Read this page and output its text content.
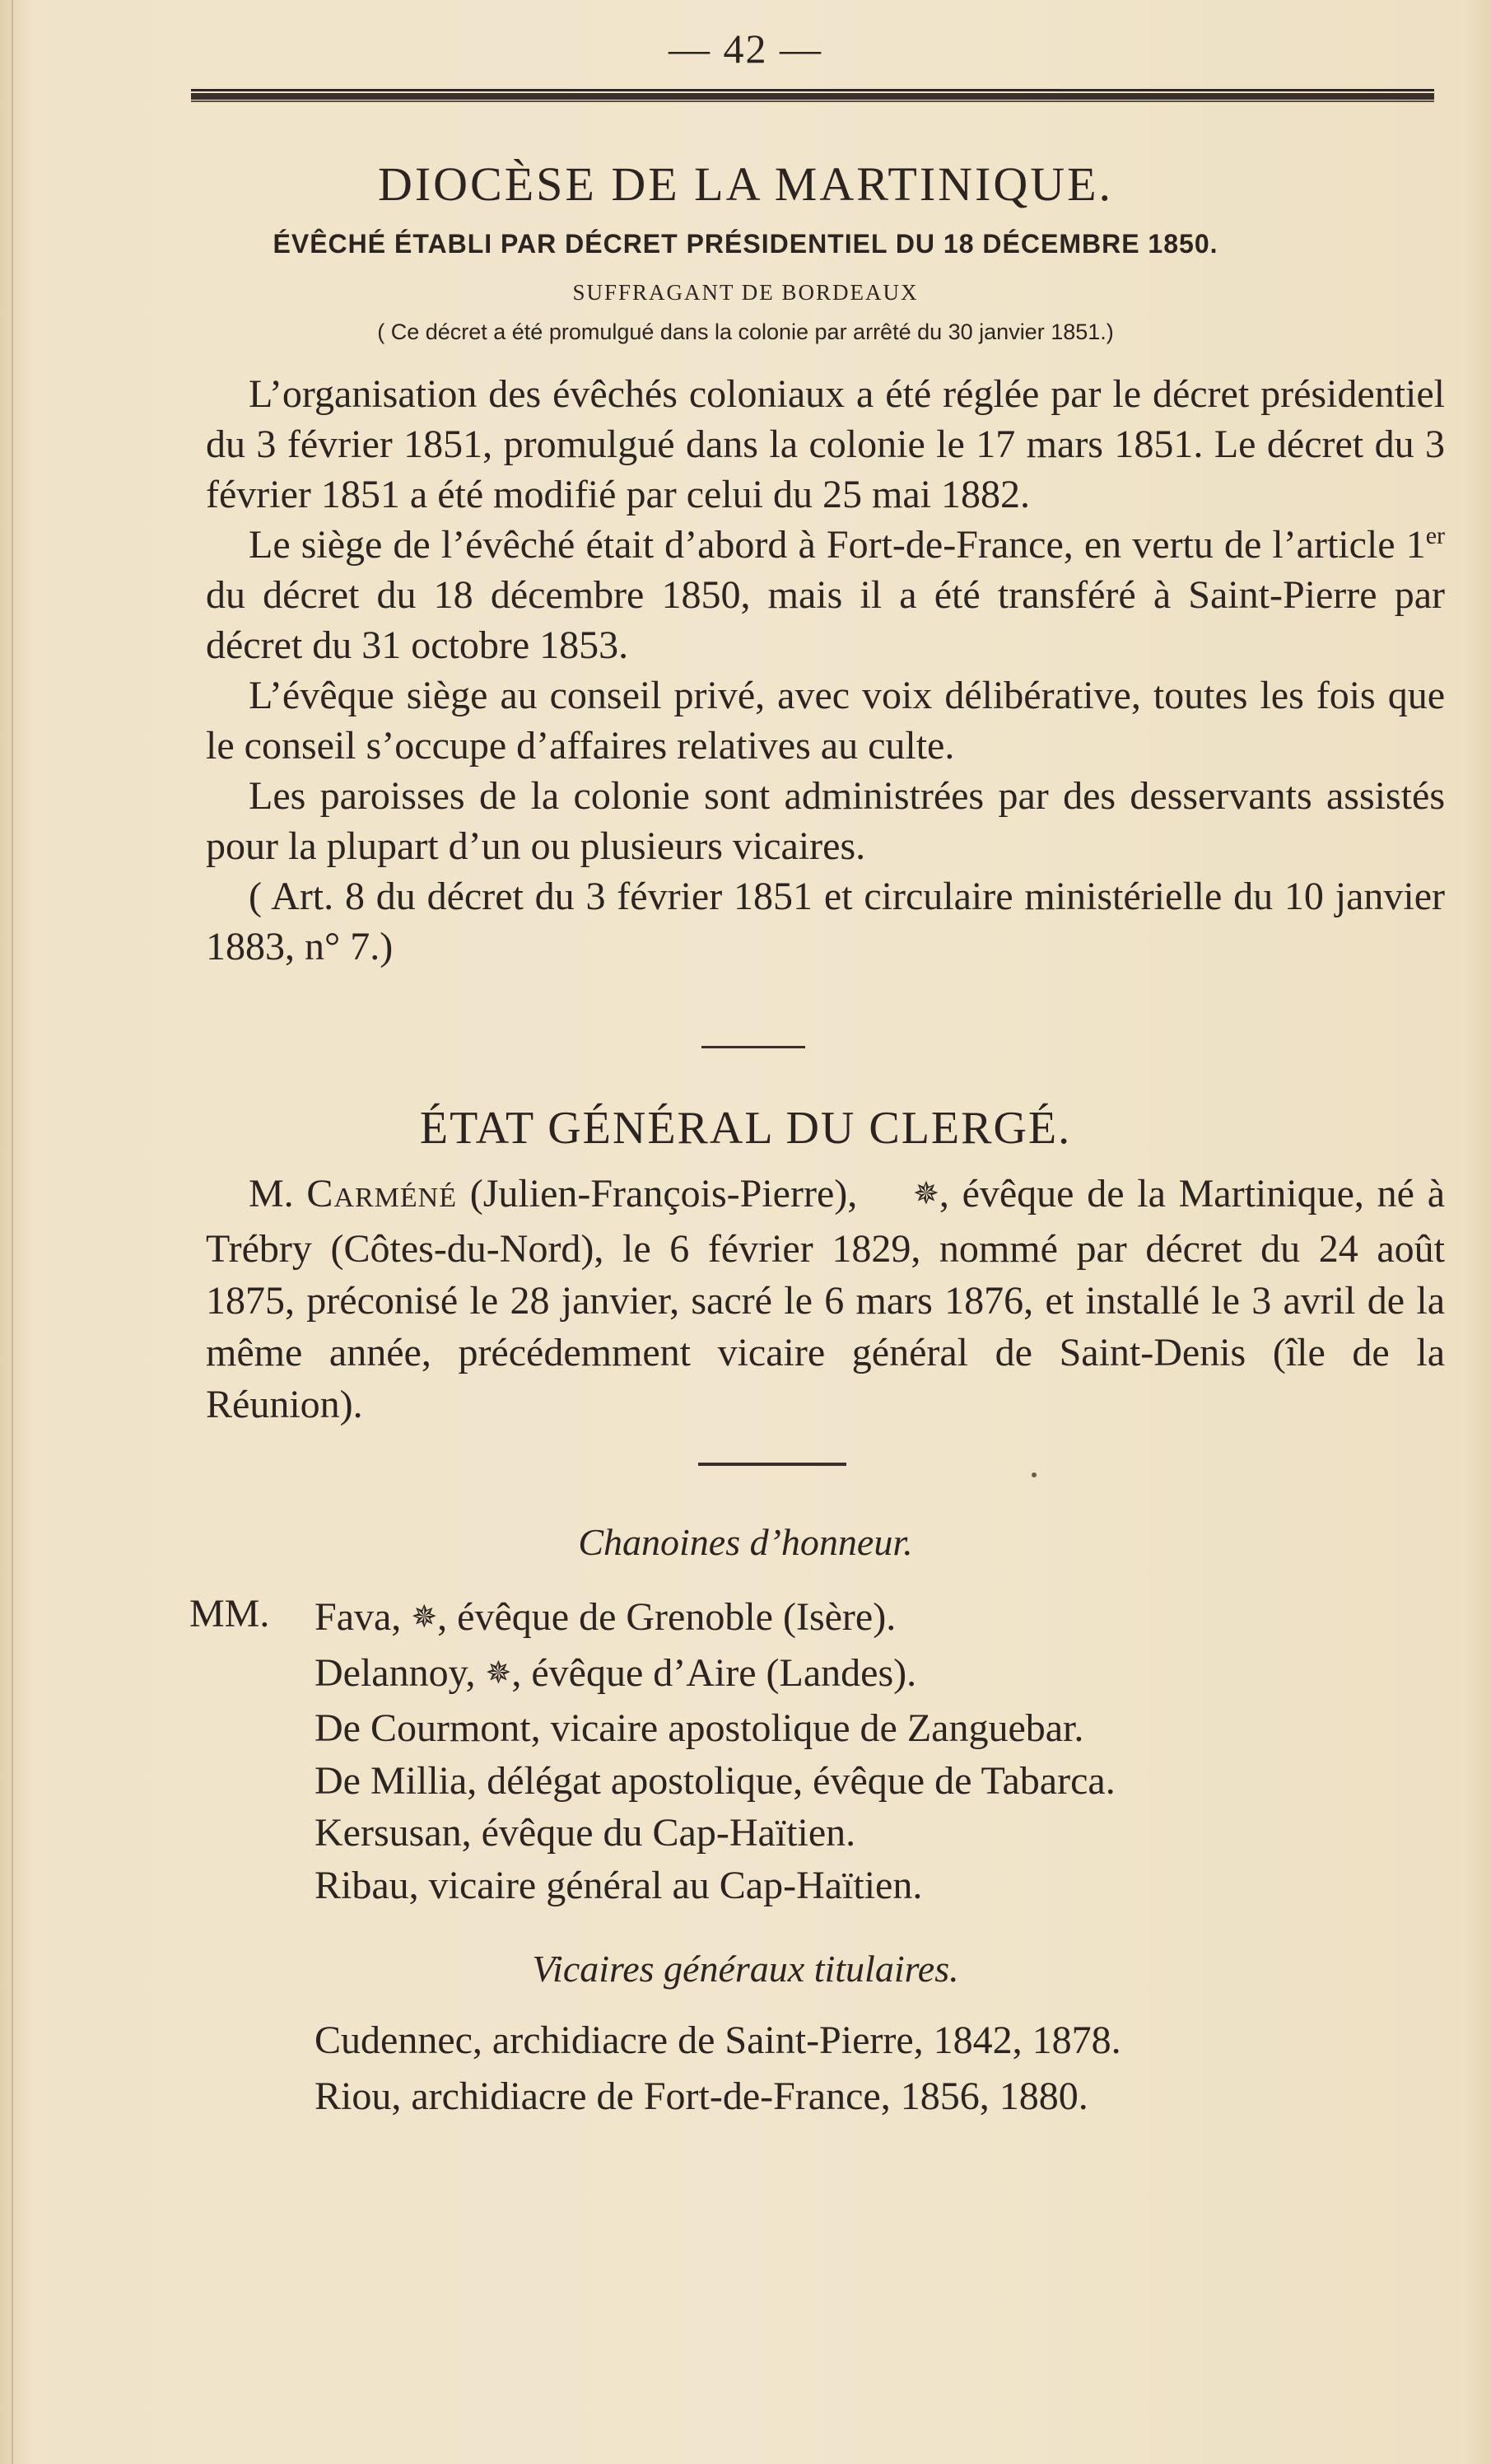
— 42 —
DIOCÈSE DE LA MARTINIQUE.
ÉVÊCHÉ ÉTABLI PAR DÉCRET PRÉSIDENTIEL DU 18 DÉCEMBRE 1850.
SUFFRAGANT DE BORDEAUX
( Ce décret a été promulgué dans la colonie par arrêté du 30 janvier 1851.)

L’organisation des évêchés coloniaux a été réglée par le décret présidentiel du 3 février 1851, promulgué dans la colonie le 17 mars 1851. Le décret du 3 février 1851 a été modifié par celui du 25 mai 1882.

Le siège de l’évêché était d’abord à Fort-de-France, en vertu de l’article 1er du décret du 18 décembre 1850, mais il a été transféré à Saint-Pierre par décret du 31 octobre 1853.

L’évêque siège au conseil privé, avec voix délibérative, toutes les fois que le conseil s’occupe d’affaires relatives au culte.

Les paroisses de la colonie sont administrées par des desservants assistés pour la plupart d’un ou plusieurs vicaires.

( Art. 8 du décret du 3 février 1851 et circulaire ministérielle du 10 janvier 1883, n° 7.)

ÉTAT GÉNÉRAL DU CLERGÉ.

M. Carméné (Julien-François-Pierre), ✵, évêque de la Martinique, né à Trébry (Côtes-du-Nord), le 6 février 1829, nommé par décret du 24 août 1875, préconisé le 28 janvier, sacré le 6 mars 1876, et installé le 3 avril de la même année, précédemment vicaire général de Saint-Denis (île de la Réunion).

Chanoines d’honneur.
MM. Fava, ✵, évêque de Grenoble (Isère).
Delannoy, ✵, évêque d’Aire (Landes).
De Courmont, vicaire apostolique de Zanguebar.
De Millia, délégat apostolique, évêque de Tabarca.
Kersusan, évêque du Cap-Haïtien.
Ribau, vicaire général au Cap-Haïtien.
Vicaires généraux titulaires.
Cudennec, archidiacre de Saint-Pierre, 1842, 1878.
Riou, archidiacre de Fort-de-France, 1856, 1880.
